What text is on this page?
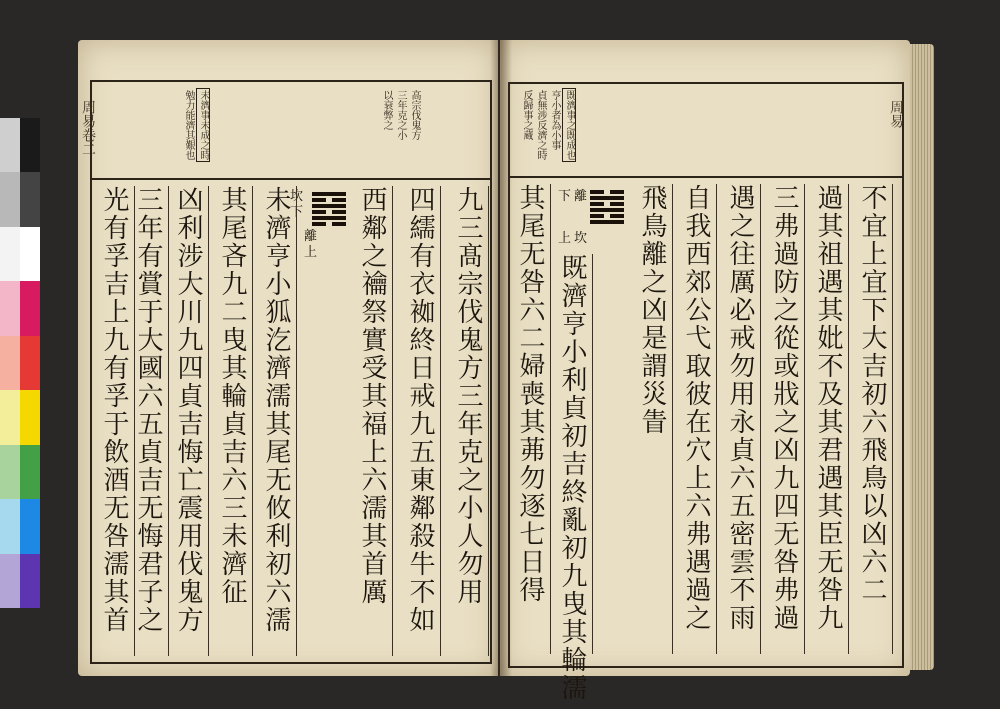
高宗伐鬼方
三年克之小
以衰弊之
未濟事未成之時
勉力能濟其艱也
九三髙宗伐鬼方三年克之小人勿用
四繻有衣袽終日戒九五東鄰殺牛不如
西鄰之禴祭實受其福上六濡其首厲
坎
下
離
上
未濟亨小狐汔濟濡其尾无攸利初六濡
其尾吝九二曳其輪貞吉六三未濟征
凶利涉大川九四貞吉悔亡震用伐鬼方
三年有賞于大國六五貞吉无悔君子之
光有孚吉上九有孚于飲酒无咎濡其首
周易卷二	既濟事之既成也
亨小者為小事
貞無涉反濟之時
反歸事之蔵
不宜上宜下大吉初六飛鳥以凶六二
過其祖遇其妣不及其君遇其臣无咎九
三弗過防之從或戕之凶九四无咎弗過
遇之往厲必戒勿用永貞六五密雲不雨
自我西郊公弋取彼在穴上六弗遇過之
飛鳥離之凶是謂災眚
離
下
坎
上
既濟亨小利貞初吉終亂初九曳其輪濡
其尾无咎六二婦喪其茀勿逐七日得
周易
